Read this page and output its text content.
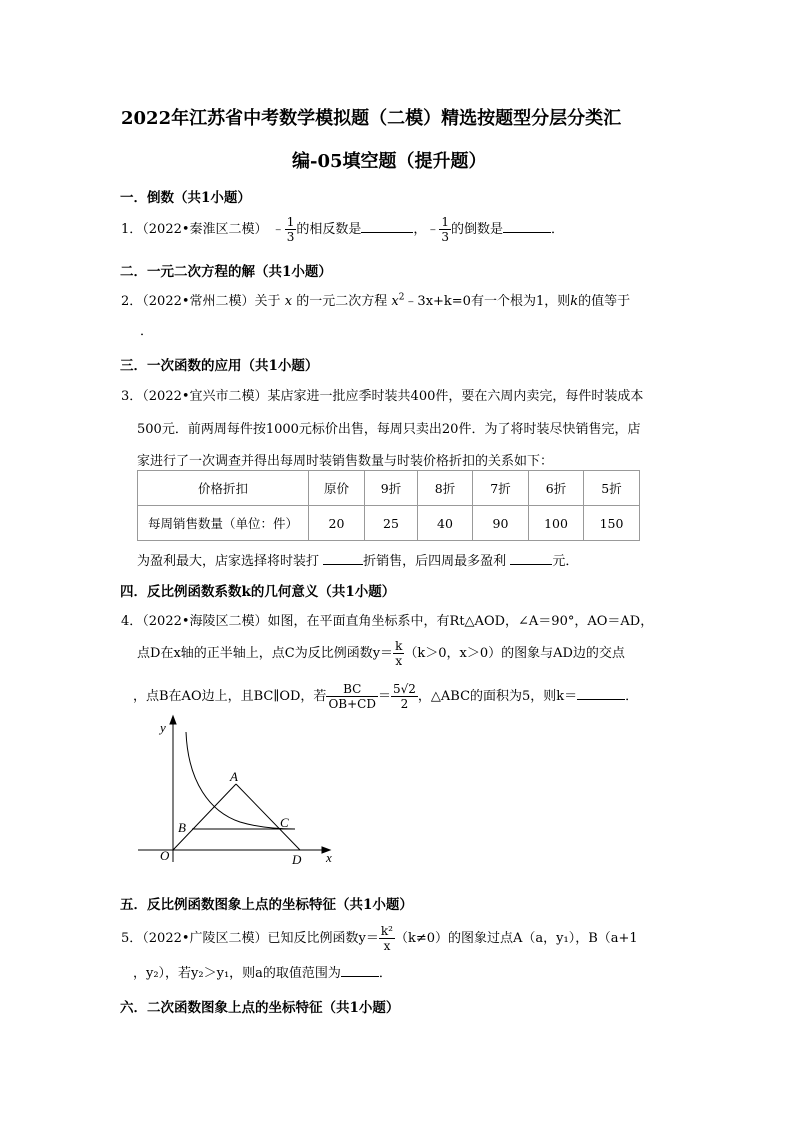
2022年江苏省中考数学模拟题（二模）精选按题型分层分类汇
编-05填空题（提升题）
一．倒数（共1小题）
1．（2022•秦淮区二模） ﹣ $\frac{1}{3}$ 的相反数是	，﹣ $\frac{1}{3}$ 的倒数是	．
二．一元二次方程的解（共1小题）
2．（2022•常州二模）关于 x 的一元二次方程 $x^2﹣3x+k=0$有一个根为1，则k的值等于
．
三．一次函数的应用（共1小题）
3．（2022•宜兴市二模）某店家进一批应季时装共400件，要在六周内卖完，每件时装成本
500元．前两周每件按1000元标价出售，每周只卖出20件．为了将时装尽快销售完，店
家进行了一次调查并得出每周时装销售数量与时装价格折扣的关系如下：
价格折扣	原价	9折	8折	7折	6折	5折
每周销售数量（单位：件）	20	25	40	90	100	150
为盈利最大，店家选择将时装打	折销售，后四周最多盈利	元．
四．反比例函数系数k的几何意义（共1小题）
4．（2022•海陵区二模）如图，在平面直角坐标系中，有Rt△AOD，∠A＝90°，AO＝AD，
点D在x轴的正半轴上，点C为反比例函数$y= \frac{k}{x} (k>0$，x＞0）的图象与AD边的交点
，点B在AO边上，且BC∥OD，若 $\frac{BC}{OB+CD} = \frac{5√2}{2}$ ，△ABC的面积为5，则k＝	．
y
x
O
A
B	C
D
五．反比例函数图象上点的坐标特征（共1小题）
5．（2022•广陵区二模）已知反比例函数$y= \frac{\text{k²}}{x} (k\ne 0)$的图象过点A（a，y₁），B（a+1
，y₂），若y₂＞y₁，则a的取值范围为	．
六．二次函数图象上点的坐标特征（共1小题）
